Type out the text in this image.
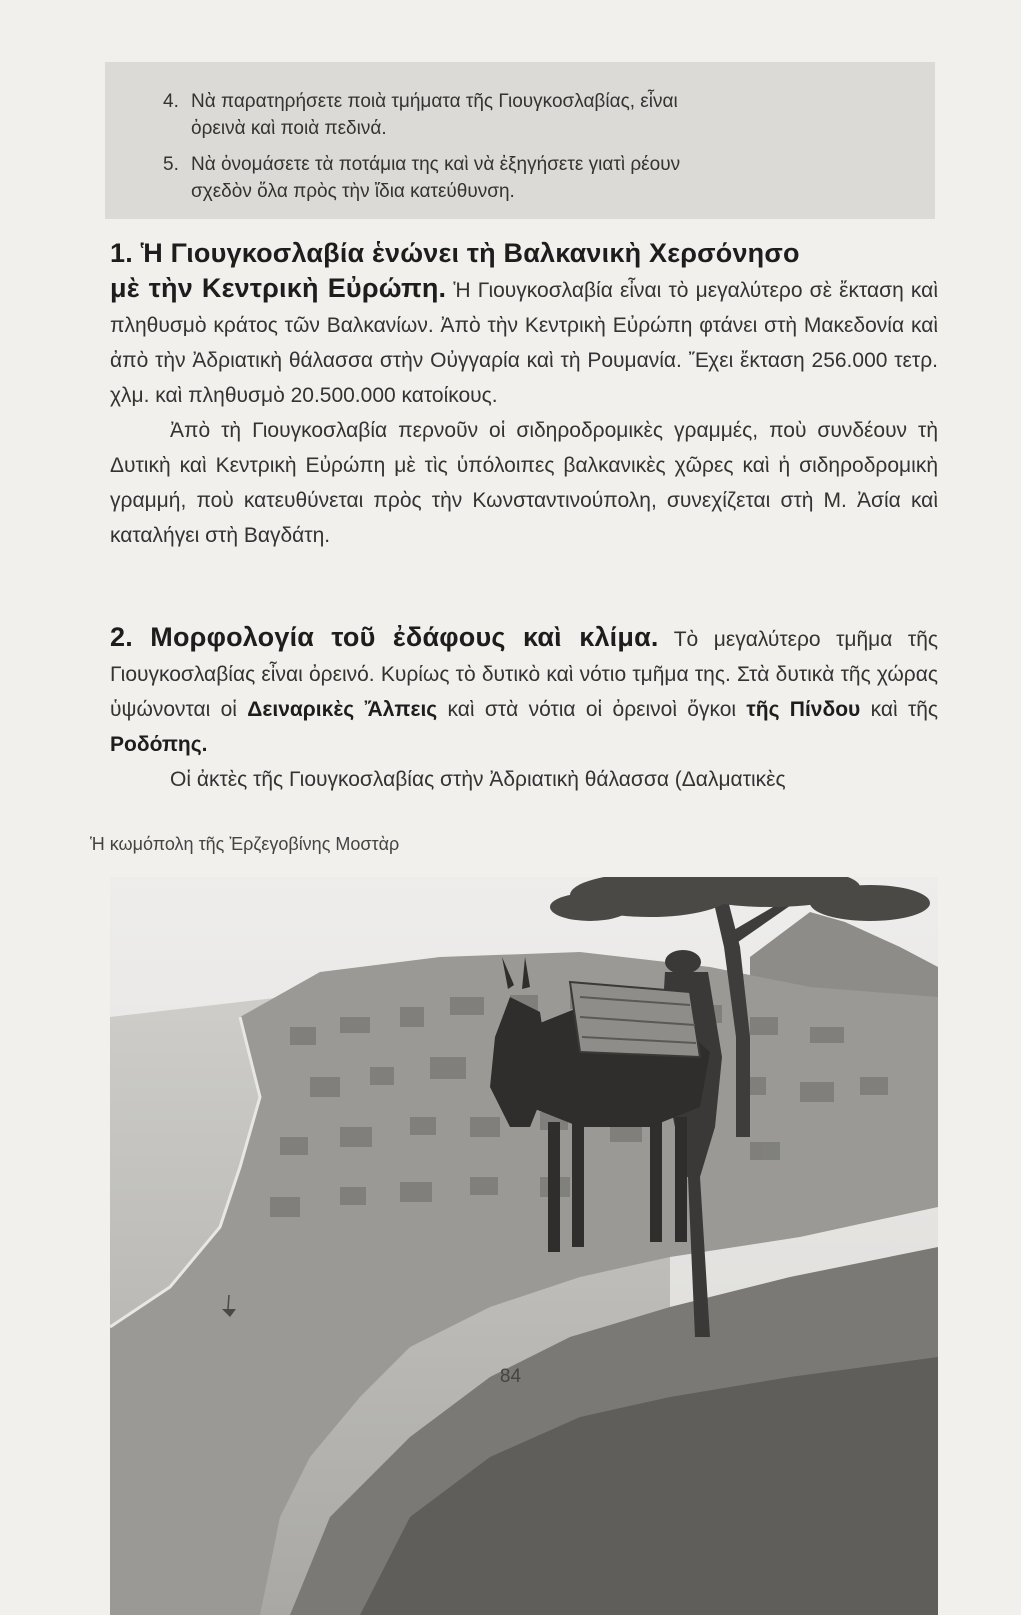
4. Νὰ παρατηρήσετε ποιὰ τμήματα τῆς Γιουγκοσλαβίας, εἶναι
ὀρεινὰ καὶ ποιὰ πεδινά.
5. Νὰ ὀνομάσετε τὰ ποτάμια της καὶ νὰ ἐξηγήσετε γιατὶ ρέουν
σχεδὸν ὅλα πρὸς τὴν ἴδια κατεύθυνση.
1. Ἡ Γιουγκοσλαβία ἑνώνει τὴ Βαλκανικὴ Χερσόνησο
μὲ τὴν Κεντρικὴ Εὐρώπη. Ἡ Γιουγκοσλαβία εἶναι τὸ μεγαλύτερο σὲ ἔκταση καὶ πληθυσμὸ κράτος τῶν Βαλκανίων. Ἀπὸ τὴν Κεντρικὴ Εὐρώπη φτάνει στὴ Μακεδονία καὶ ἀπὸ τὴν Ἀδριατικὴ θάλασσα στὴν Οὐγγαρία καὶ τὴ Ρουμανία. Ἔχει ἔκταση 256.000 τετρ. χλμ. καὶ πληθυσμὸ 20.500.000 κατοίκους.
Ἀπὸ τὴ Γιουγκοσλαβία περνοῦν οἱ σιδηροδρομικὲς γραμμές, ποὺ συνδέουν τὴ Δυτικὴ καὶ Κεντρικὴ Εὐρώπη μὲ τὶς ὑπόλοιπες βαλκανικὲς χῶρες καὶ ἡ σιδηροδρομικὴ γραμμή, ποὺ κατευθύνεται πρὸς τὴν Κωνσταντινούπολη, συνεχίζεται στὴ Μ. Ἀσία καὶ καταλήγει στὴ Βαγδάτη.
2. Μορφολογία τοῦ ἐδάφους καὶ κλίμα. Τὸ μεγαλύτερο τμῆμα τῆς Γιουγκοσλαβίας εἶναι ὀρεινό. Κυρίως τὸ δυτικὸ καὶ νότιο τμῆμα της. Στὰ δυτικὰ τῆς χώρας ὑψώνονται οἱ Δειναρικὲς Ἄλπεις καὶ στὰ νότια οἱ ὀρεινοὶ ὄγκοι τῆς Πίνδου καὶ τῆς Ροδόπης.
Οἱ ἀκτὲς τῆς Γιουγκοσλαβίας στὴν Ἀδριατικὴ θάλασσα (Δαλματικὲς
Ἡ κωμόπολη τῆς Ἐρζεγοβίνης Μοστὰρ
84
